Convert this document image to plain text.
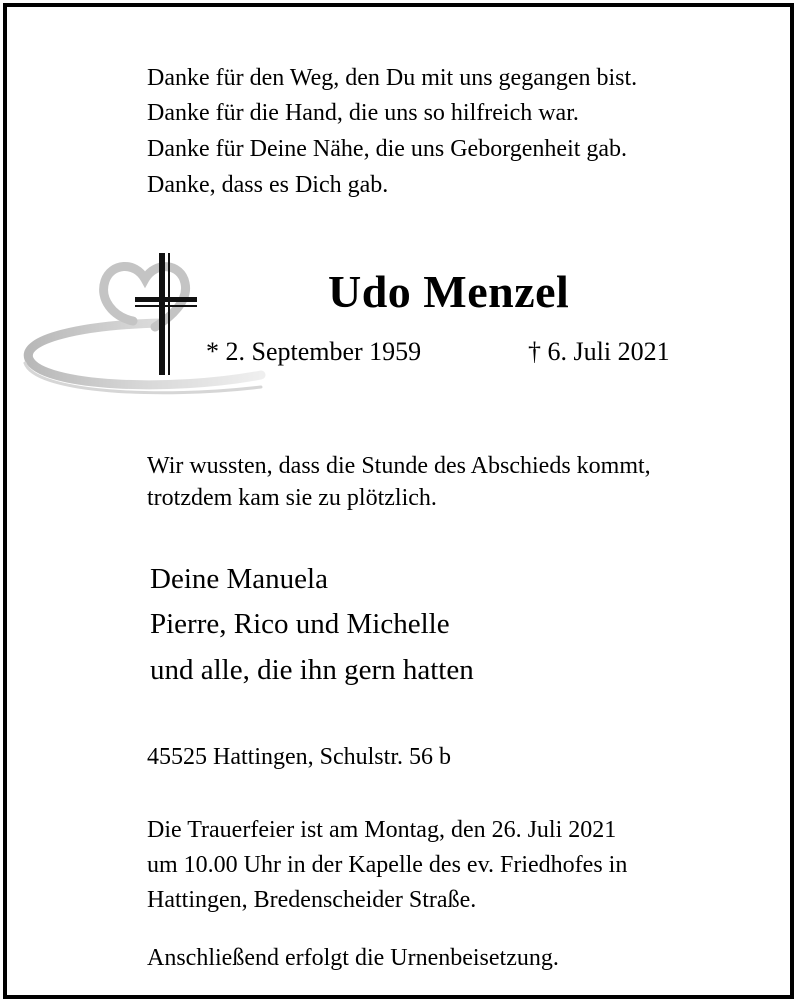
Danke für den Weg, den Du mit uns gegangen bist.
Danke für die Hand, die uns so hilfreich war.
Danke für Deine Nähe, die uns Geborgenheit gab.
Danke, dass es Dich gab.
Udo Menzel
* 2. September 1959	† 6. Juli 2021
Wir wussten, dass die Stunde des Abschieds kommt,
trotzdem kam sie zu plötzlich.
Deine Manuela
Pierre, Rico und Michelle
und alle, die ihn gern hatten
45525 Hattingen, Schulstr. 56 b
Die Trauerfeier ist am Montag, den 26. Juli 2021
um 10.00 Uhr in der Kapelle des ev. Friedhofes in
Hattingen, Bredenscheider Straße.
Anschließend erfolgt die Urnenbeisetzung.
